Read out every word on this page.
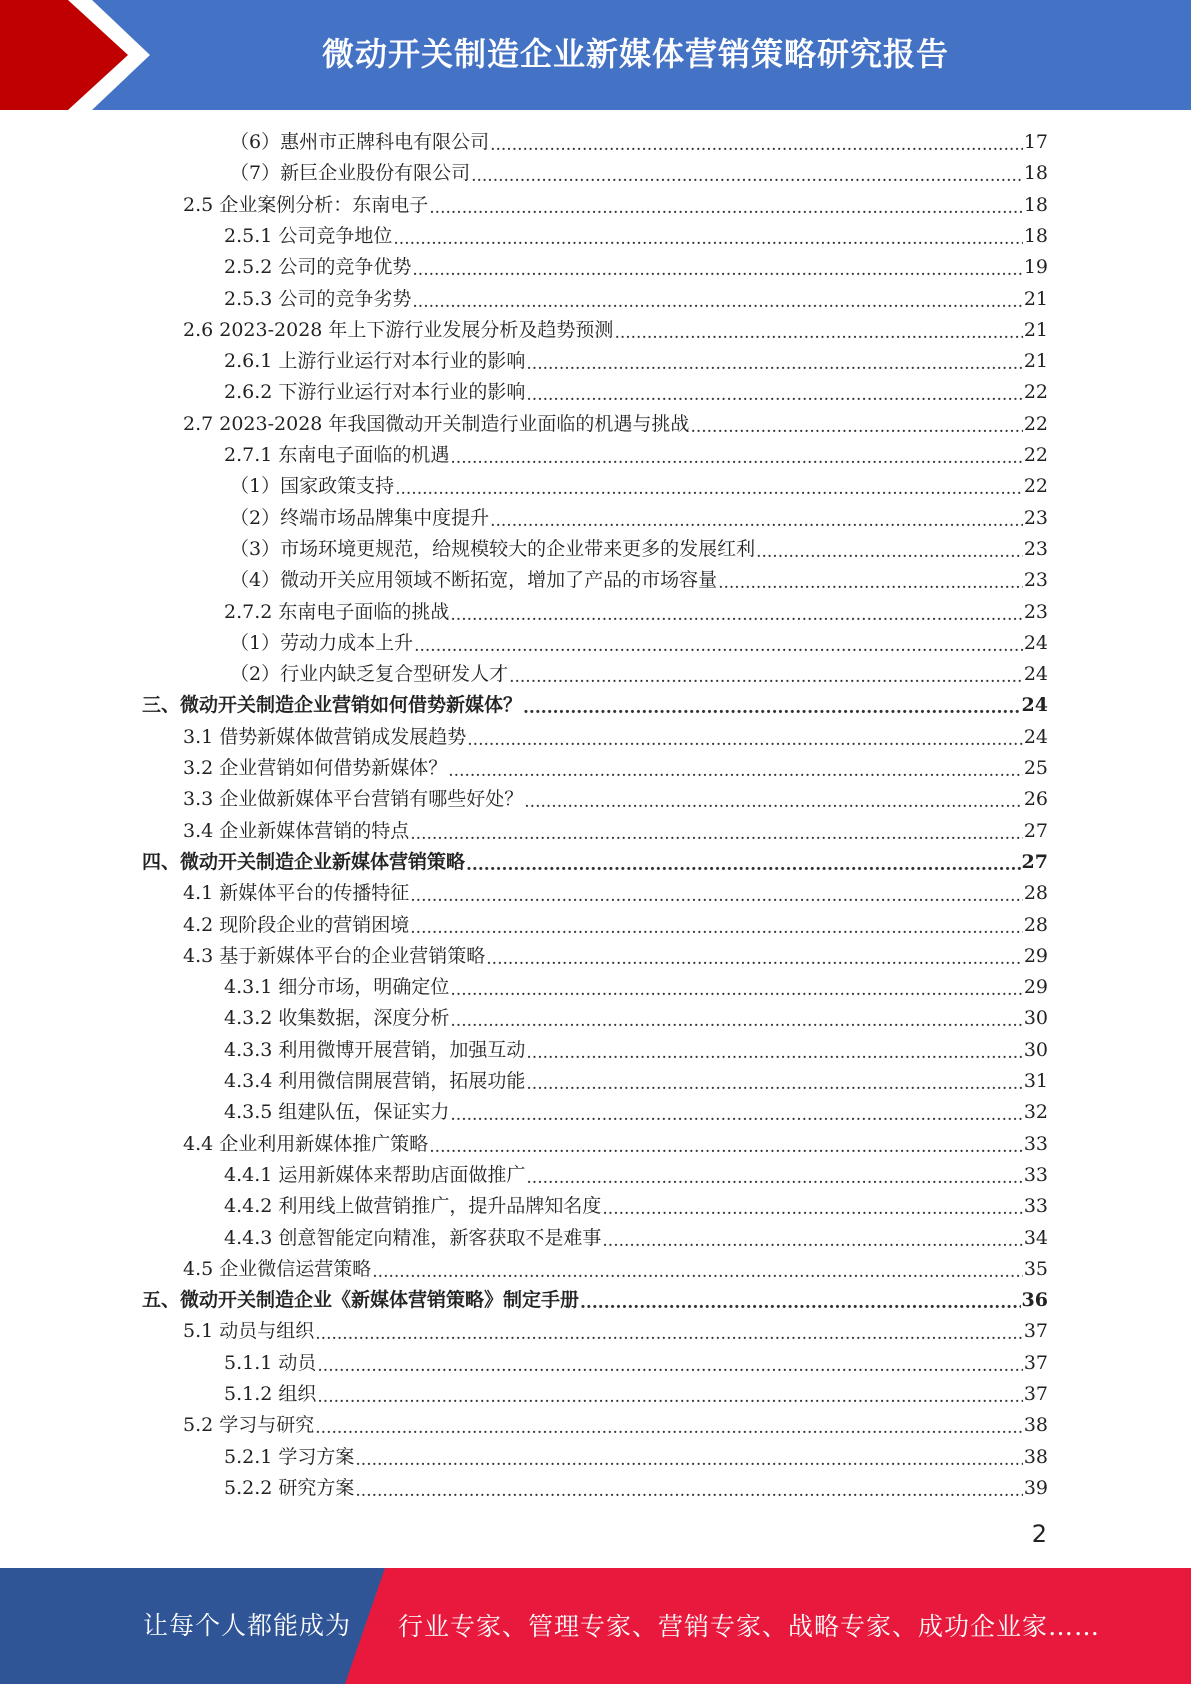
微动开关制造企业新媒体营销策略研究报告
（6）惠州市正牌科电有限公司 .....	17
（7）新巨企业股份有限公司 .....	18
2.5 企业案例分析：东南电子 .....	18
2.5.1 公司竞争地位 .....	18
2.5.2 公司的竞争优势 .....	19
2.5.3 公司的竞争劣势 .....	21
2.6 2023-2028 年上下游行业发展分析及趋势预测 .....	21
2.6.1 上游行业运行对本行业的影响 .....	21
2.6.2 下游行业运行对本行业的影响 .....	22
2.7 2023-2028 年我国微动开关制造行业面临的机遇与挑战 .....	22
2.7.1 东南电子面临的机遇 .....	22
（1）国家政策支持 .....	22
（2）终端市场品牌集中度提升 .....	23
（3）市场环境更规范，给规模较大的企业带来更多的发展红利 .....	23
（4）微动开关应用领域不断拓宽，增加了产品的市场容量 .....	23
2.7.2 东南电子面临的挑战 .....	23
（1）劳动力成本上升 .....	24
（2）行业内缺乏复合型研发人才 .....	24
三、微动开关制造企业营销如何借势新媒体？ .....	24
3.1 借势新媒体做营销成发展趋势 .....	24
3.2 企业营销如何借势新媒体？ .....	25
3.3 企业做新媒体平台营销有哪些好处？ .....	26
3.4 企业新媒体营销的特点 .....	27
四、微动开关制造企业新媒体营销策略 .....	27
4.1 新媒体平台的传播特征 .....	28
4.2 现阶段企业的营销困境 .....	28
4.3 基于新媒体平台的企业营销策略 .....	29
4.3.1 细分市场，明确定位 .....	29
4.3.2 收集数据，深度分析 .....	30
4.3.3 利用微博开展营销，加强互动 .....	30
4.3.4 利用微信開展营销，拓展功能 .....	31
4.3.5 组建队伍，保证实力 .....	32
4.4 企业利用新媒体推广策略 .....	33
4.4.1 运用新媒体来帮助店面做推广 .....	33
4.4.2 利用线上做营销推广，提升品牌知名度 .....	33
4.4.3 创意智能定向精准，新客获取不是难事 .....	34
4.5 企业微信运营策略 .....	35
五、微动开关制造企业《新媒体营销策略》制定手册 .....	36
5.1 动员与组织 .....	37
5.1.1 动员 .....	37
5.1.2 组织 .....	37
5.2 学习与研究 .....	38
5.2.1 学习方案 .....	38
5.2.2 研究方案 .....	39
2
让每个人都能成为 行业专家、管理专家、营销专家、战略专家、成功企业家……
